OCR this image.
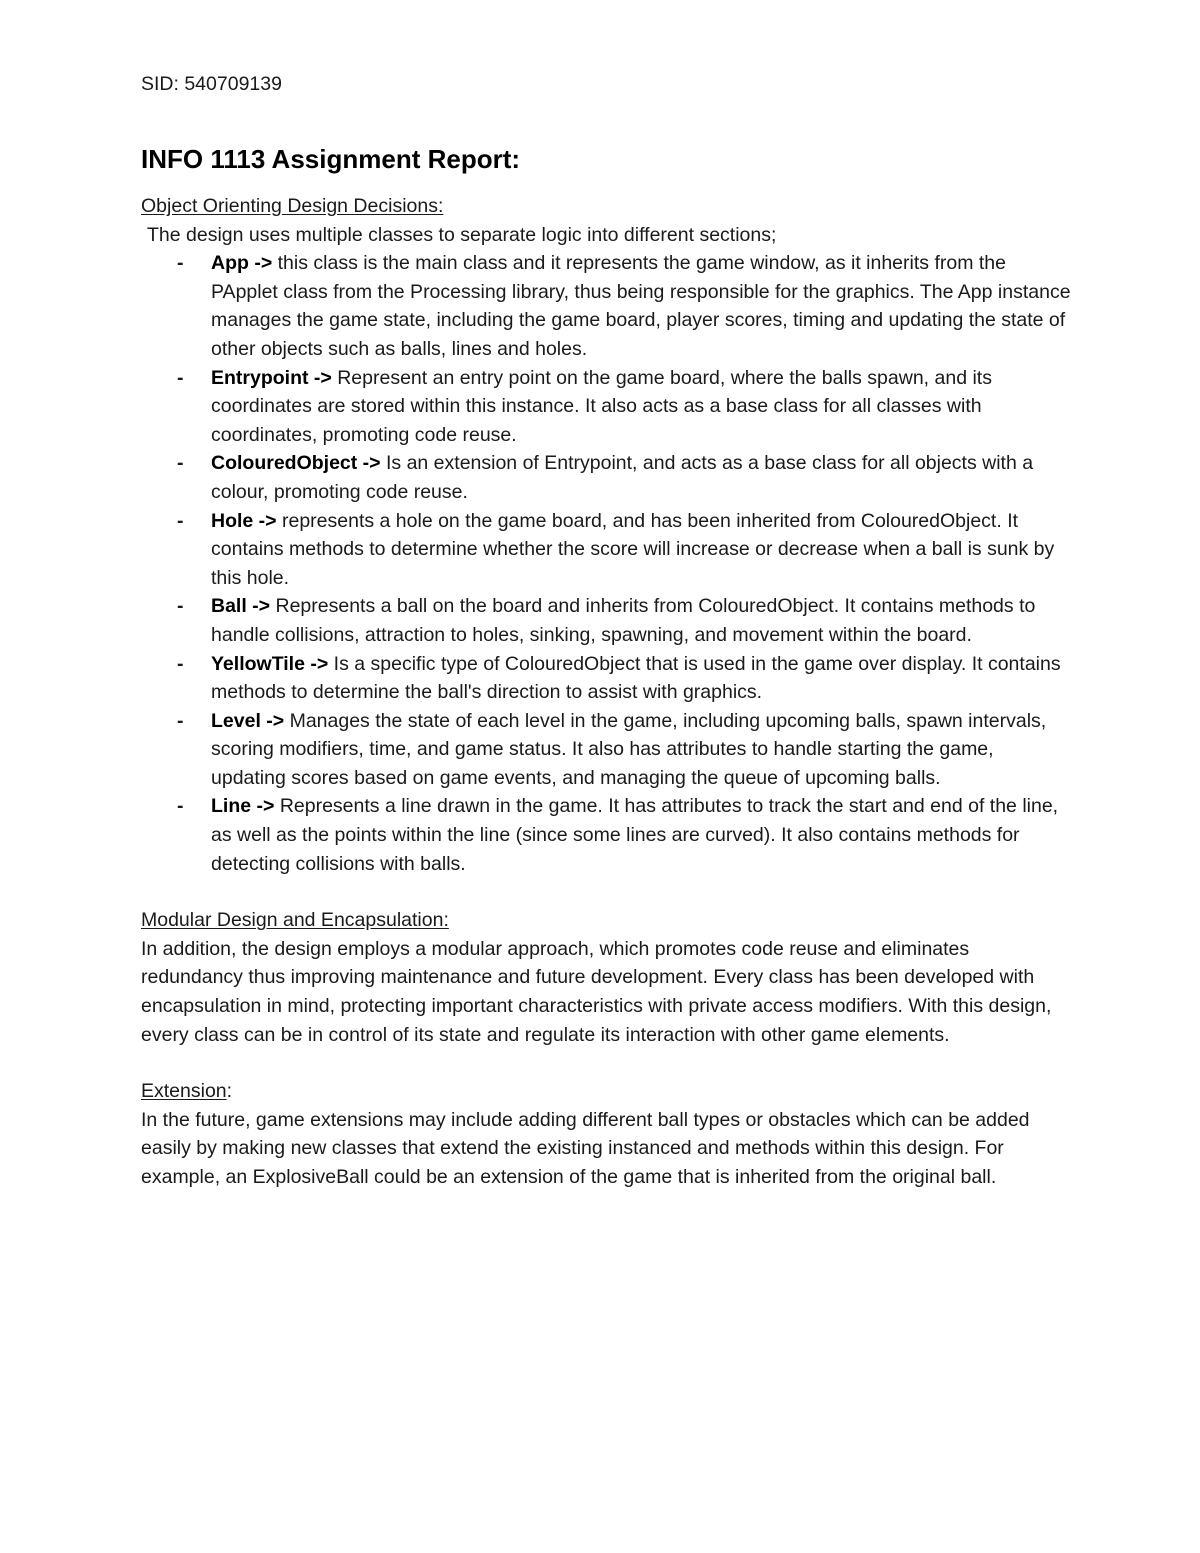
SID: 540709139

INFO 1113 Assignment Report:

Object Orienting Design Decisions:

The design uses multiple classes to separate logic into different sections;

- App -> this class is the main class and it represents the game window, as it inherits from the PApplet class from the Processing library, thus being responsible for the graphics. The App instance manages the game state, including the game board, player scores, timing and updating the state of other objects such as balls, lines and holes.
- Entrypoint -> Represent an entry point on the game board, where the balls spawn, and its coordinates are stored within this instance. It also acts as a base class for all classes with coordinates, promoting code reuse.
- ColouredObject -> Is an extension of Entrypoint, and acts as a base class for all objects with a colour, promoting code reuse.
- Hole -> represents a hole on the game board, and has been inherited from ColouredObject. It contains methods to determine whether the score will increase or decrease when a ball is sunk by this hole.
- Ball -> Represents a ball on the board and inherits from ColouredObject. It contains methods to handle collisions, attraction to holes, sinking, spawning, and movement within the board.
- YellowTile -> Is a specific type of ColouredObject that is used in the game over display. It contains methods to determine the ball's direction to assist with graphics.
- Level -> Manages the state of each level in the game, including upcoming balls, spawn intervals, scoring modifiers, time, and game status. It also has attributes to handle starting the game, updating scores based on game events, and managing the queue of upcoming balls.
- Line -> Represents a line drawn in the game. It has attributes to track the start and end of the line, as well as the points within the line (since some lines are curved). It also contains methods for detecting collisions with balls.

Modular Design and Encapsulation:

In addition, the design employs a modular approach, which promotes code reuse and eliminates redundancy thus improving maintenance and future development. Every class has been developed with encapsulation in mind, protecting important characteristics with private access modifiers. With this design, every class can be in control of its state and regulate its interaction with other game elements.

Extension:

In the future, game extensions may include adding different ball types or obstacles which can be added easily by making new classes that extend the existing instanced and methods within this design. For example, an ExplosiveBall could be an extension of the game that is inherited from the original ball.
